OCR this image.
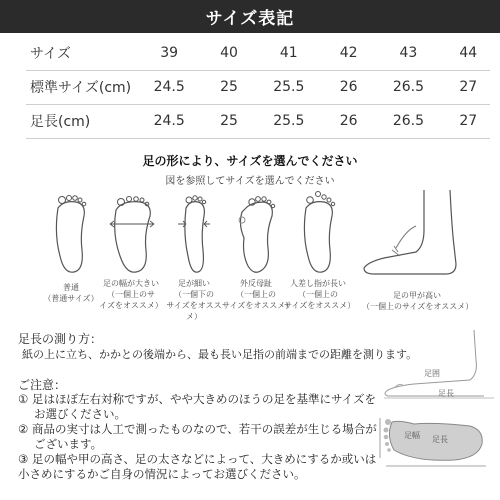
サイズ表記
サイズ	39	40	41	42	43	44
標準サイズ(cm)	24.5	25	25.5	26	26.5	27
足長(cm)	24.5	25	25.5	26	26.5	27
足の形により、サイズを選んでください
図を参照してサイズを選んでください
普通
（普通サイズ）
足の幅が大きい
（一個上のサ
イズをオススメ）
足が細い
（一個下の
サイズをオススメ）
外反母趾
（一個上の
サイズをオススメ）
人差し指が長い
（一個上の
サイズをオススメ）
足の甲が高い
（一個上のサイズをオススメ）
足長の測り方：
紙の上に立ち、かかとの後端から、最も長い足指の前端までの距離を測ります。
ご注意：
① 足はほぼ左右対称ですが、やや大きめのほうの足を基準にサイズを
お選びください。
② 商品の実寸は人工で測ったものなので、若干の誤差が生じる場合が
ございます。
③ 足の幅や甲の高さ、足の太さなどによって、大きめにするか或いは
小さめにするかご自身の情況によってお選びください。
足囲
足長
足幅 足長
